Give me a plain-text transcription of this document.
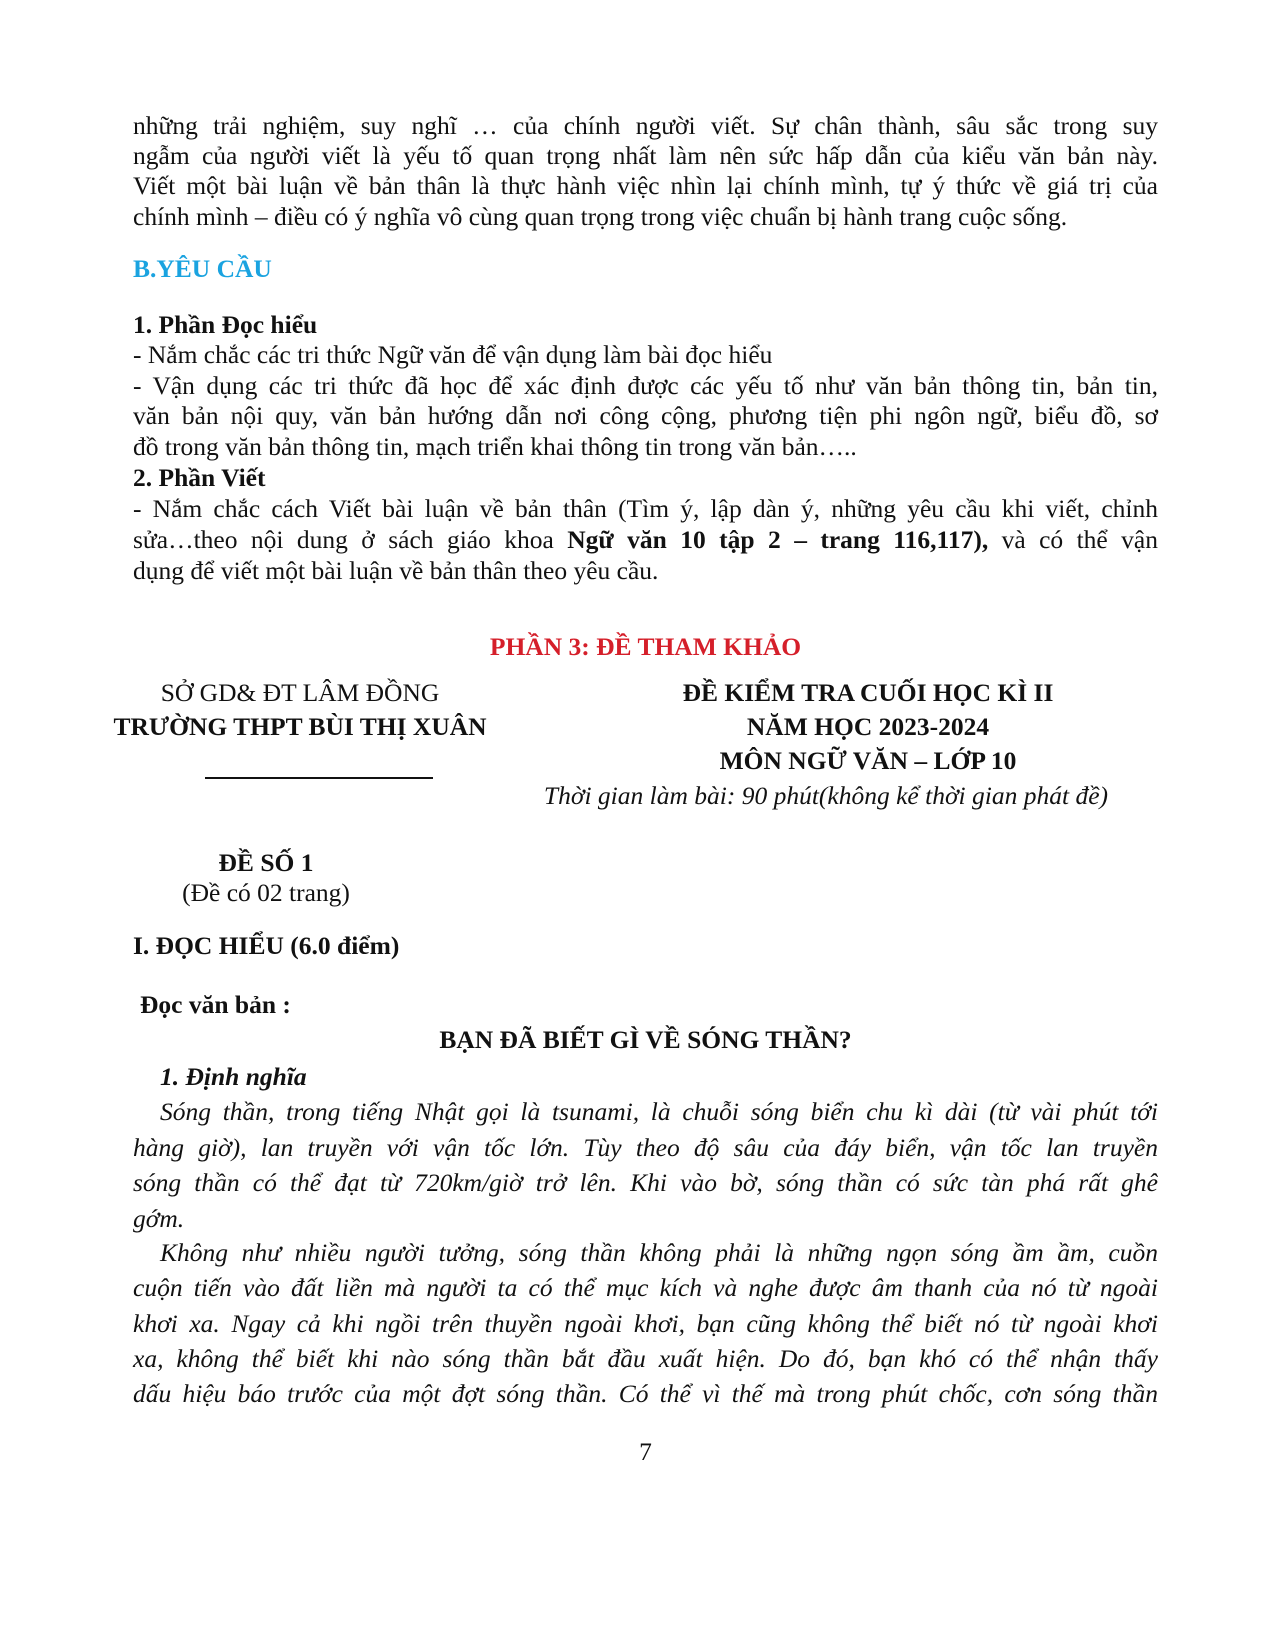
những trải nghiệm, suy nghĩ … của chính người viết. Sự chân thành, sâu sắc trong suy
ngẫm của người viết là yếu tố quan trọng nhất làm nên sức hấp dẫn của kiểu văn bản này.
Viết một bài luận về bản thân là thực hành việc nhìn lại chính mình, tự ý thức về giá trị của
chính mình – điều có ý nghĩa vô cùng quan trọng trong việc chuẩn bị hành trang cuộc sống.
B.YÊU CẦU
1. Phần Đọc hiểu
- Nắm chắc các tri thức Ngữ văn để vận dụng làm bài đọc hiểu
- Vận dụng các tri thức đã học để xác định được các yếu tố như văn bản thông tin, bản tin,
văn bản nội quy, văn bản hướng dẫn nơi công cộng, phương tiện phi ngôn ngữ, biểu đồ, sơ
đồ trong văn bản thông tin, mạch triển khai thông tin trong văn bản…..
2. Phần Viết
- Nắm chắc cách Viết bài luận về bản thân (Tìm ý, lập dàn ý, những yêu cầu khi viết, chỉnh
sửa…theo nội dung ở sách giáo khoa Ngữ văn 10 tập 2 – trang 116,117), và có thể vận
dụng để viết một bài luận về bản thân theo yêu cầu.
PHẦN 3: ĐỀ THAM KHẢO
SỞ GD& ĐT LÂM ĐỒNG
TRƯỜNG THPT BÙI THỊ XUÂN
ĐỀ KIỂM TRA CUỐI HỌC KÌ II
NĂM HỌC 2023-2024
MÔN NGỮ VĂN – LỚP 10
Thời gian làm bài: 90 phút(không kể thời gian phát đề)
ĐỀ SỐ 1
(Đề có 02 trang)
I. ĐỌC HIỂU (6.0 điểm)
Đọc văn bản :
BẠN ĐÃ BIẾT GÌ VỀ SÓNG THẦN?
1. Định nghĩa
Sóng thần, trong tiếng Nhật gọi là tsunami, là chuỗi sóng biển chu kì dài (từ vài phút tới
hàng giờ), lan truyền với vận tốc lớn. Tùy theo độ sâu của đáy biển, vận tốc lan truyền
sóng thần có thể đạt từ 720km/giờ trở lên. Khi vào bờ, sóng thần có sức tàn phá rất ghê
gớm.
Không như nhiều người tưởng, sóng thần không phải là những ngọn sóng ầm ầm, cuồn
cuộn tiến vào đất liền mà người ta có thể mục kích và nghe được âm thanh của nó từ ngoài
khơi xa. Ngay cả khi ngồi trên thuyền ngoài khơi, bạn cũng không thể biết nó từ ngoài khơi
xa, không thể biết khi nào sóng thần bắt đầu xuất hiện. Do đó, bạn khó có thể nhận thấy
dấu hiệu báo trước của một đợt sóng thần. Có thể vì thế mà trong phút chốc, cơn sóng thần
7
